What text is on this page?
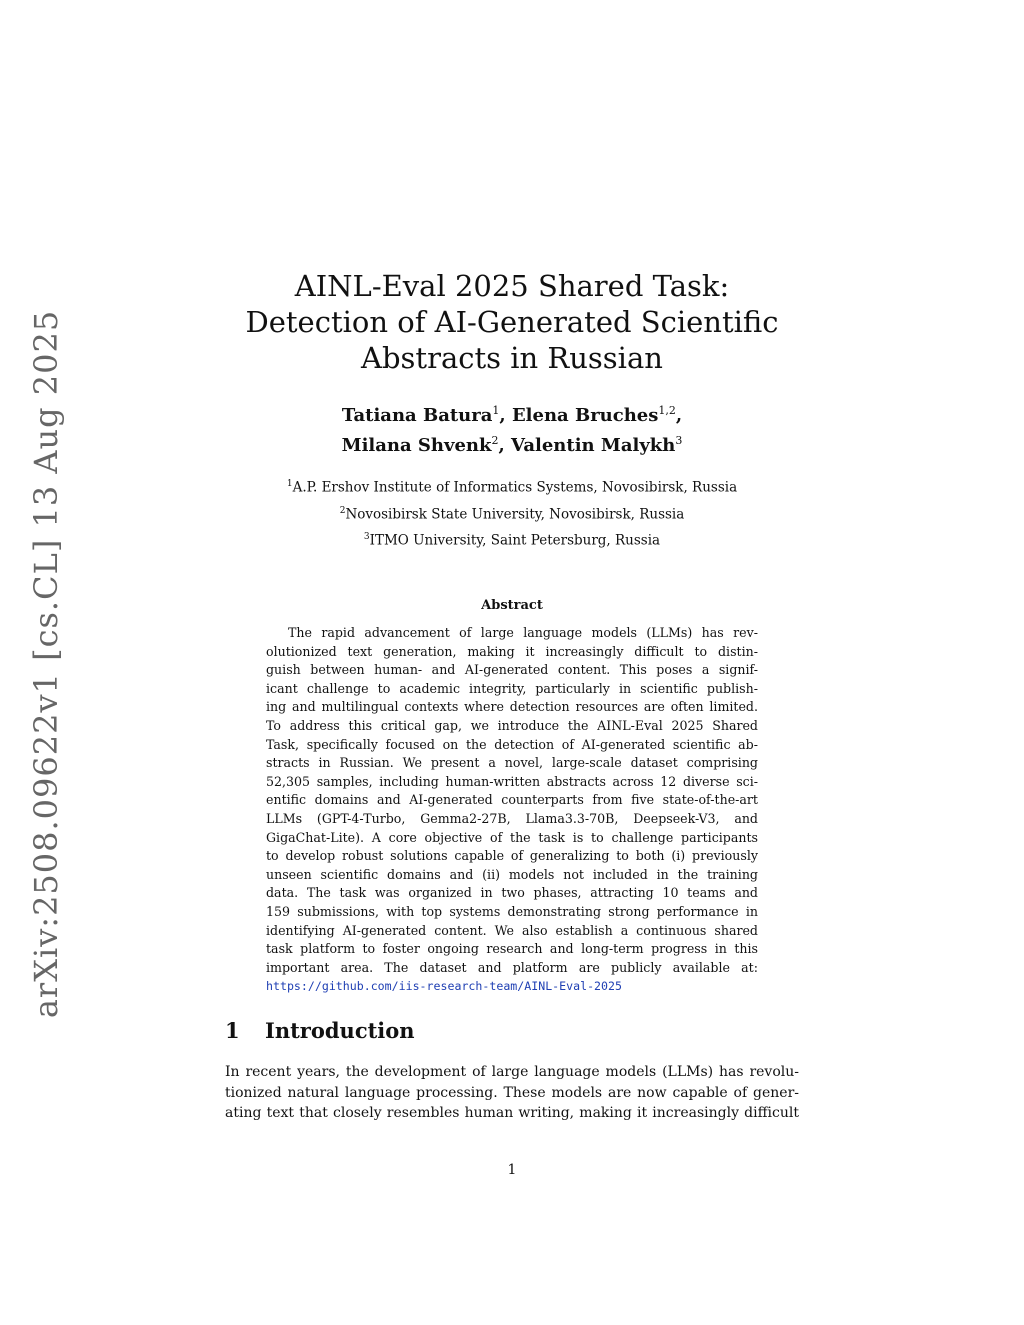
arXiv:2508.09622v1 [cs.CL] 13 Aug 2025
AINL-Eval 2025 Shared Task:
Detection of AI-Generated Scientific
Abstracts in Russian
Tatiana Batura$^1$, Elena Bruches$^{1,2}$,
Milana Shvenk$^2$, Valentin Malykh$^3$
$^1$A.P. Ershov Institute of Informatics Systems, Novosibirsk, Russia
$^2$Novosibirsk State University, Novosibirsk, Russia
$^3$ITMO University, Saint Petersburg, Russia
Abstract
The rapid advancement of large language models (LLMs) has rev-
olutionized text generation, making it increasingly difficult to distin-
guish between human- and AI-generated content. This poses a signif-
icant challenge to academic integrity, particularly in scientific publish-
ing and multilingual contexts where detection resources are often limited.
To address this critical gap, we introduce the AINL-Eval 2025 Shared
Task, specifically focused on the detection of AI-generated scientific ab-
stracts in Russian. We present a novel, large-scale dataset comprising
52,305 samples, including human-written abstracts across 12 diverse sci-
entific domains and AI-generated counterparts from five state-of-the-art
LLMs (GPT-4-Turbo, Gemma2-27B, Llama3.3-70B, Deepseek-V3, and
GigaChat-Lite). A core objective of the task is to challenge participants
to develop robust solutions capable of generalizing to both (i) previously
unseen scientific domains and (ii) models not included in the training
data. The task was organized in two phases, attracting 10 teams and
159 submissions, with top systems demonstrating strong performance in
identifying AI-generated content. We also establish a continuous shared
task platform to foster ongoing research and long-term progress in this
important area. The dataset and platform are publicly available at:
https://github.com/iis-research-team/AINL-Eval-2025
1 Introduction
In recent years, the development of large language models (LLMs) has revolu-
tionized natural language processing. These models are now capable of gener-
ating text that closely resembles human writing, making it increasingly difficult
1
